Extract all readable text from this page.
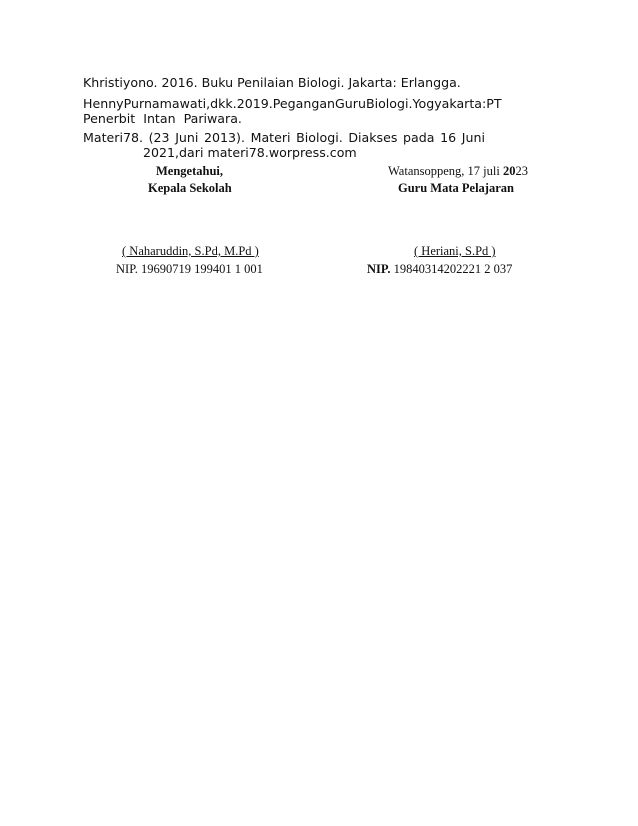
Khristiyono. 2016. Buku Penilaian Biologi. Jakarta: Erlangga.
Henny Purnamawati, dkk. 2019. Pegangan Guru Biologi. Yogyakarta: PT
Penerbit  Intan  Pariwara.
Materi78. (23 Juni 2013). Materi Biologi. Diakses pada 16 Juni
2021,dari materi78.worpress.com
Mengetahui,
Kepala Sekolah
( Naharuddin, S.Pd, M.Pd )
NIP. 19690719 199401 1 001
Watansoppeng, 17 juli 2023
Guru Mata Pelajaran
( Heriani, S.Pd )
NIP. 19840314202221 2 037
